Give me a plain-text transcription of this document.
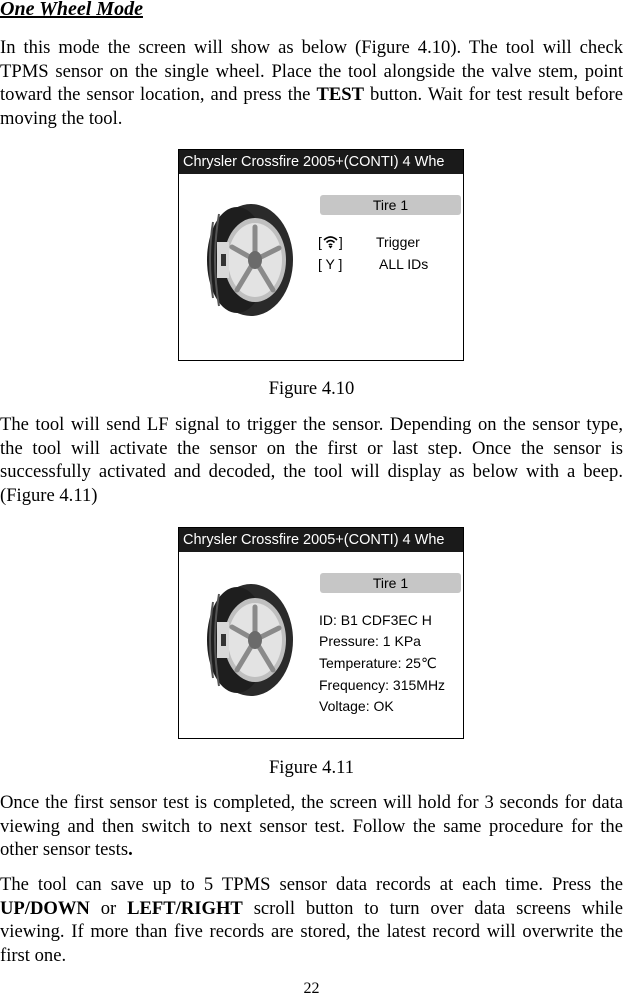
One Wheel Mode

In this mode the screen will show as below (Figure 4.10). The tool will check TPMS sensor on the single wheel. Place the tool alongside the valve stem, point toward the sensor location, and press the TEST button. Wait for test result before moving the tool.

Chrysler Crossfire 2005+(CONTI) 4 Whe
Tire 1
[ ] Trigger
[ Y ]	ALL IDs
Figure 4.10

The tool will send LF signal to trigger the sensor. Depending on the sensor type, the tool will activate the sensor on the first or last step. Once the sensor is successfully activated and decoded, the tool will display as below with a beep. (Figure 4.11)

Chrysler Crossfire 2005+(CONTI) 4 Whe
Tire 1
ID: B1 CDF3EC H
Pressure: 1 KPa
Temperature: 25℃
Frequency: 315MHz
Voltage: OK
Figure 4.11

Once the first sensor test is completed, the screen will hold for 3 seconds for data viewing and then switch to next sensor test. Follow the same procedure for the other sensor tests.

The tool can save up to 5 TPMS sensor data records at each time. Press the UP/DOWN or LEFT/RIGHT scroll button to turn over data screens while viewing. If more than five records are stored, the latest record will overwrite the first one.

22
